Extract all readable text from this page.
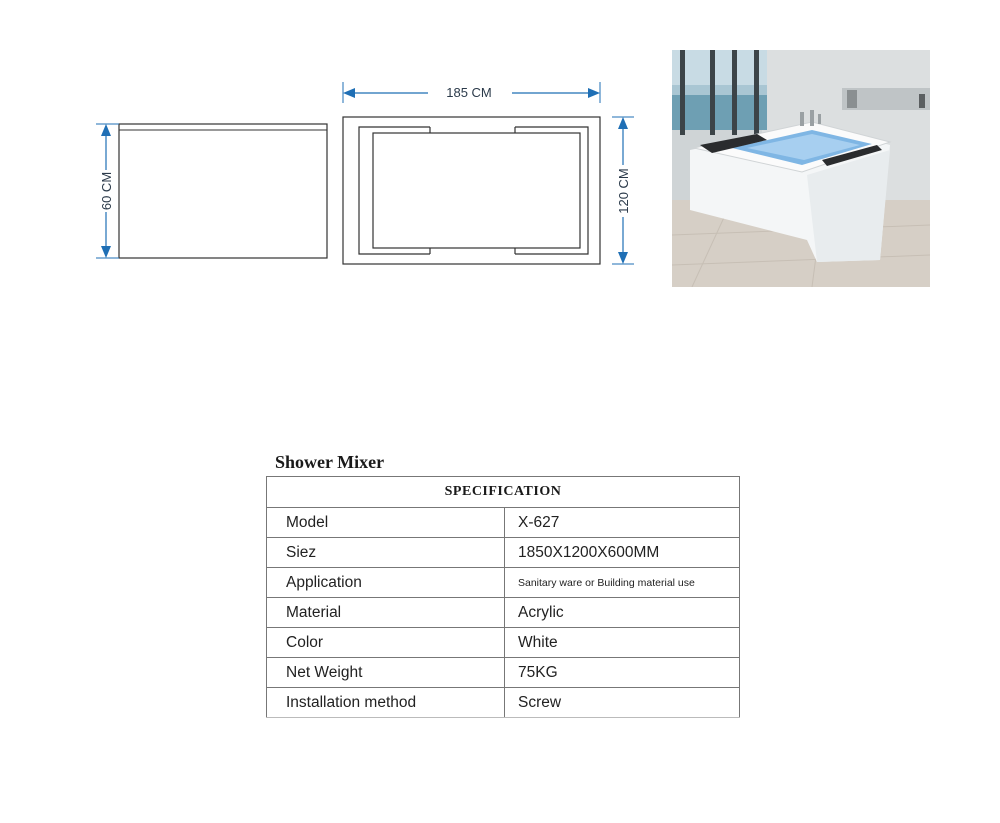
60 CM
185 CM
120 CM
Shower Mixer
SPECIFICATION	
Model	X-627
Siez	1850X1200X600MM
Application	Sanitary ware or Building material use
Material	Acrylic
Color	White
Net Weight	75KG
Installation method	Screw
